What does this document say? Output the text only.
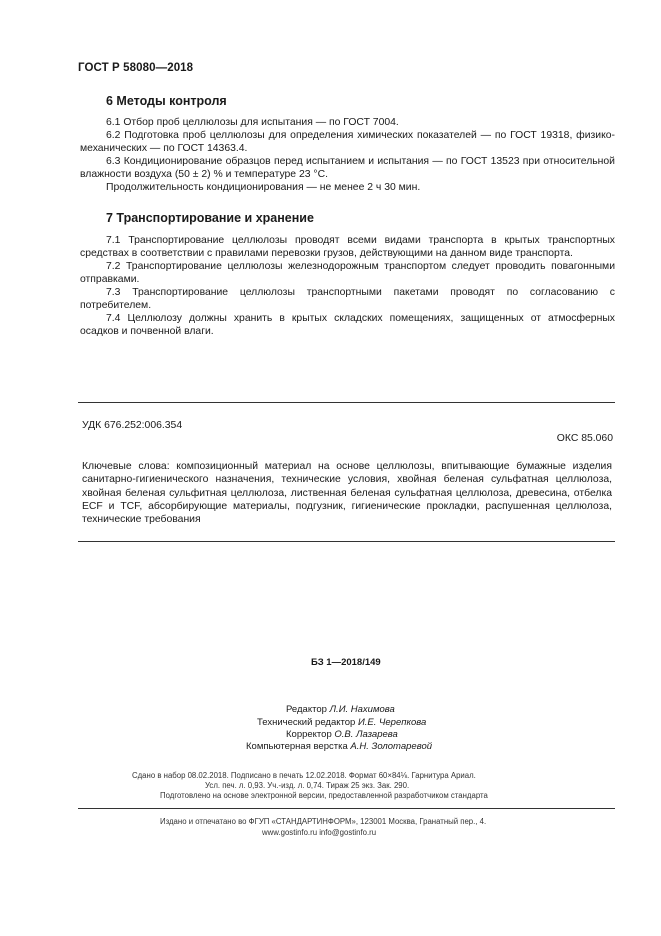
ГОСТ Р 58080—2018
6 Методы контроля
6.1 Отбор проб целлюлозы для испытания — по ГОСТ 7004.
6.2 Подготовка проб целлюлозы для определения химических показателей — по ГОСТ 19318, физико-механических — по ГОСТ 14363.4.
6.3 Кондиционирование образцов перед испытанием и испытания — по ГОСТ 13523 при относительной влажности воздуха (50 ± 2) % и температуре 23 °С.
Продолжительность кондиционирования — не менее 2 ч 30 мин.
7 Транспортирование и хранение
7.1 Транспортирование целлюлозы проводят всеми видами транспорта в крытых транспортных средствах в соответствии с правилами перевозки грузов, действующими на данном виде транспорта.
7.2 Транспортирование целлюлозы железнодорожным транспортом следует проводить повагонными отправками.
7.3 Транспортирование целлюлозы транспортными пакетами проводят по согласованию с потребителем.
7.4 Целлюлозу должны хранить в крытых складских помещениях, защищенных от атмосферных осадков и почвенной влаги.
УДК 676.252:006.354
ОКС 85.060
Ключевые слова: композиционный материал на основе целлюлозы, впитывающие бумажные изделия санитарно-гигиенического назначения, технические условия, хвойная беленая сульфатная целлюлоза, хвойная беленая сульфитная целлюлоза, лиственная беленая сульфатная целлюлоза, древесина, отбелка ECF и TCF, абсорбирующие материалы, подгузник, гигиенические прокладки, распушенная целлюлоза, технические требования
БЗ 1—2018/149
Редактор Л.И. Нахимова
Технический редактор И.Е. Черепкова
Корректор О.В. Лазарева
Компьютерная верстка А.Н. Золотаревой
Сдано в набор 08.02.2018. Подписано в печать 12.02.2018. Формат 60×84⅛. Гарнитура Ариал.
Усл. печ. л. 0,93. Уч.-изд. л. 0,74. Тираж 25 экз. Зак. 290.
Подготовлено на основе электронной версии, предоставленной разработчиком стандарта
Издано и отпечатано во ФГУП «СТАНДАРТИНФОРМ», 123001 Москва, Гранатный пер., 4.
www.gostinfo.ru info@gostinfo.ru
